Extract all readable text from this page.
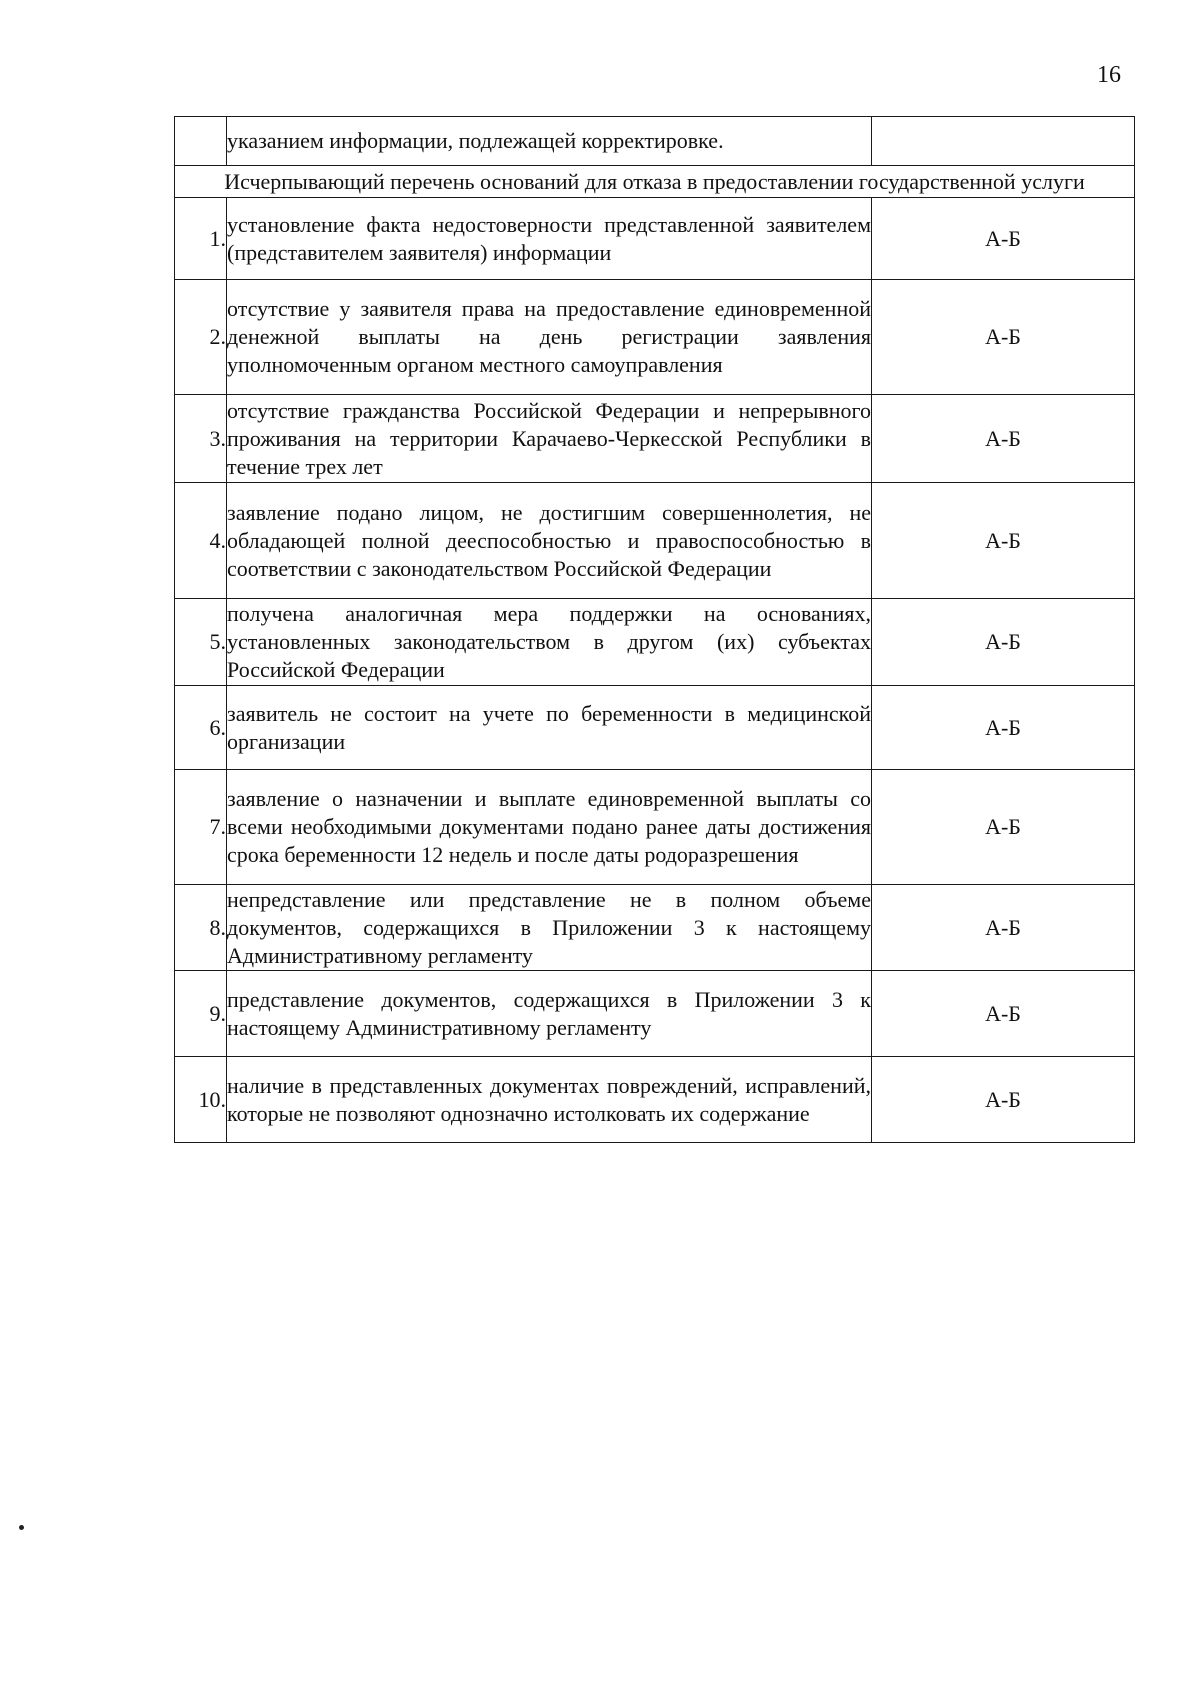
16
	указанием информации, подлежащей корректировке.	
Исчерпывающий перечень оснований для отказа в предоставлении государственной услуги		
1.	установление факта недостоверности представленной заявителем (представителем заявителя) информации	А-Б
2.	отсутствие у заявителя права на предоставление единовременной денежной выплаты на день регистрации заявления уполномоченным органом местного самоуправления	А-Б
3.	отсутствие гражданства Российской Федерации и непрерывного проживания на территории Карачаево-Черкесской Республики в течение трех лет	А-Б
4.	заявление подано лицом, не достигшим совершеннолетия, не обладающей полной дееспособностью и правоспособностью в соответствии с законодательством Российской Федерации	А-Б
5.	получена аналогичная мера поддержки на основаниях, установленных законодательством в другом (их) субъектах Российской Федерации	А-Б
6.	заявитель не состоит на учете по беременности в медицинской организации	А-Б
7.	заявление о назначении и выплате единовременной выплаты со всеми необходимыми документами подано ранее даты достижения срока беременности 12 недель и после даты родоразрешения	А-Б
8.	непредставление или представление не в полном объеме документов, содержащихся в Приложении 3 к настоящему Административному регламенту	А-Б
9.	представление документов, содержащихся в Приложении 3 к настоящему Административному регламенту	А-Б
10.	наличие в представленных документах повреждений, исправлений, которые не позволяют однозначно истолковать их содержание	А-Б
